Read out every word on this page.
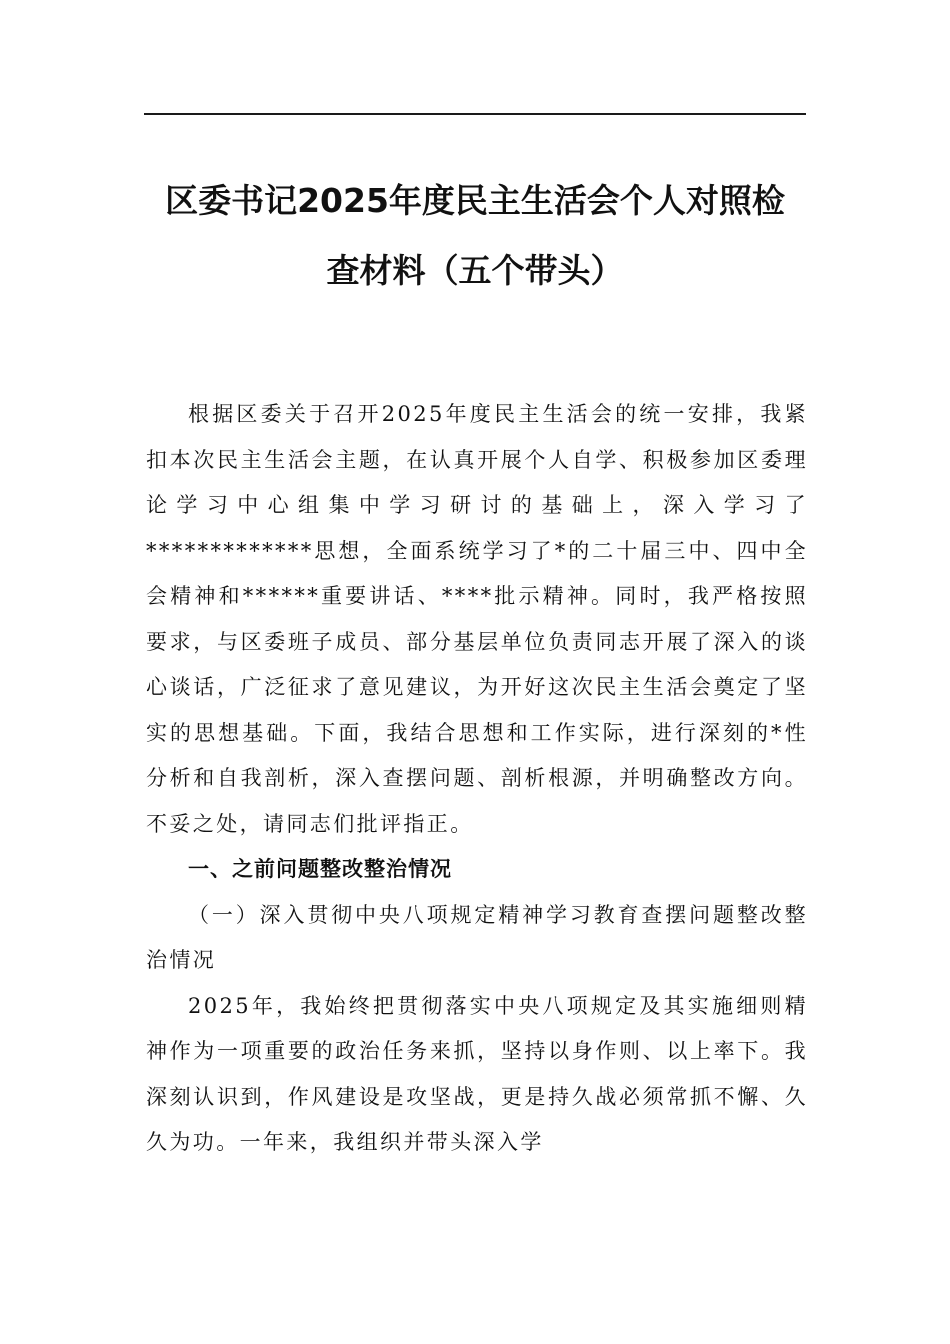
区委书记2025年度民主生活会个人对照检
查材料（五个带头）

根据区委关于召开2025年度民主生活会的统一安排，我紧扣本次民主生活会主题，在认真开展个人自学、积极参加区委理论学习中心组集中学习研讨的基础上，深入学习了*************思想，全面系统学习了*的二十届三中、四中全会精神和******重要讲话、****批示精神。同时，我严格按照要求，与区委班子成员、部分基层单位负责同志开展了深入的谈心谈话，广泛征求了意见建议，为开好这次民主生活会奠定了坚实的思想基础。下面，我结合思想和工作实际，进行深刻的*性分析和自我剖析，深入查摆问题、剖析根源，并明确整改方向。不妥之处，请同志们批评指正。

一、之前问题整改整治情况

（一）深入贯彻中央八项规定精神学习教育查摆问题整改整治情况

2025年，我始终把贯彻落实中央八项规定及其实施细则精神作为一项重要的政治任务来抓，坚持以身作则、以上率下。我深刻认识到，作风建设是攻坚战，更是持久战必须常抓不懈、久久为功。一年来，我组织并带头深入学
